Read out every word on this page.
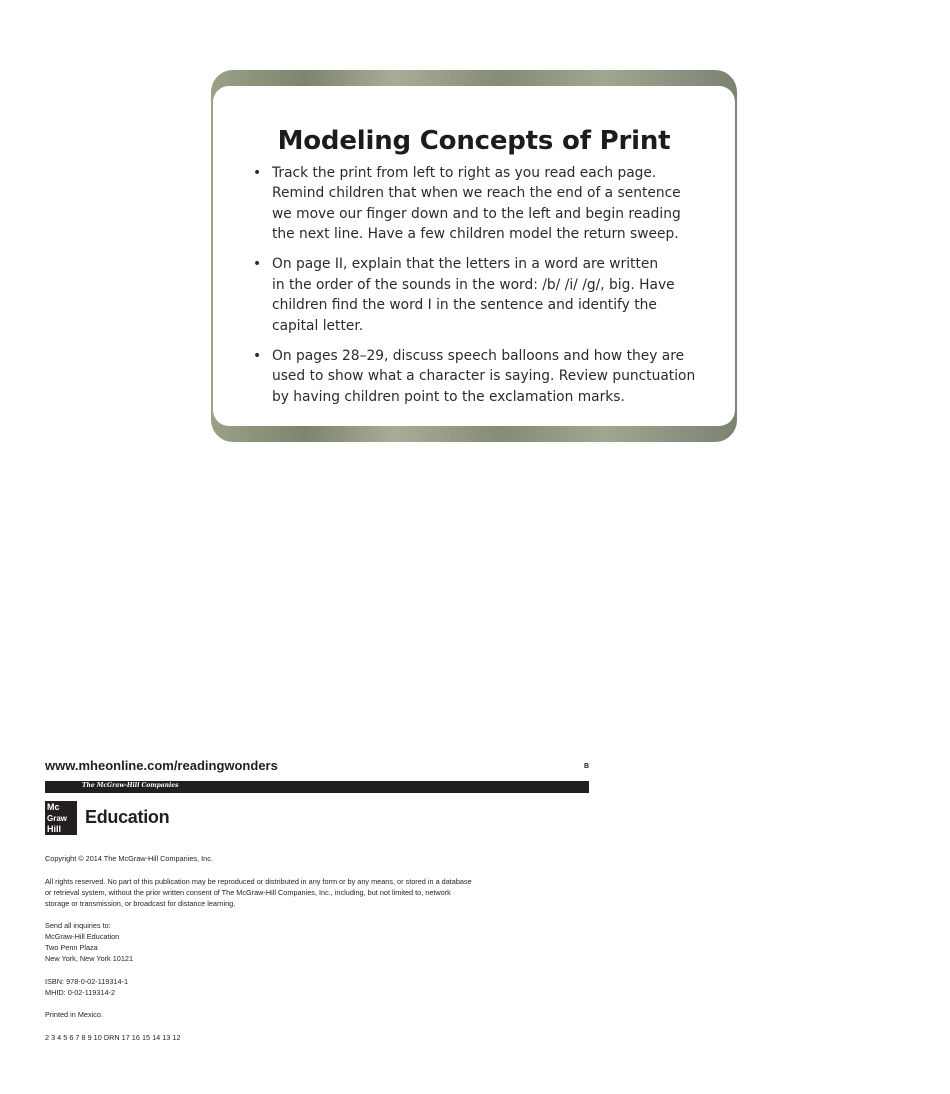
Modeling Concepts of Print
• Track the print from left to right as you read each page.
Remind children that when we reach the end of a sentence
we move our finger down and to the left and begin reading
the next line. Have a few children model the return sweep.
• On page II, explain that the letters in a word are written
in the order of the sounds in the word: /b/ /i/ /g/, big. Have
children find the word I in the sentence and identify the
capital letter.
• On pages 28–29, discuss speech balloons and how they are
used to show what a character is saying. Review punctuation
by having children point to the exclamation marks.
www.mheonline.com/readingwonders	B
The McGraw-Hill Companies
Mc
Graw
Hill
Education
Copyright © 2014 The McGraw-Hill Companies, Inc.
All rights reserved. No part of this publication may be reproduced or distributed in any form or by any means, or stored in a database
or retrieval system, without the prior written consent of The McGraw-Hill Companies, Inc., including, but not limited to, network
storage or transmission, or broadcast for distance learning.
Send all inquiries to:
McGraw-Hill Education
Two Penn Plaza
New York, New York 10121
ISBN: 978-0-02-119314-1
MHID: 0-02-119314-2
Printed in Mexico.
2 3 4 5 6 7 8 9 10 DRN 17 16 15 14 13 12
